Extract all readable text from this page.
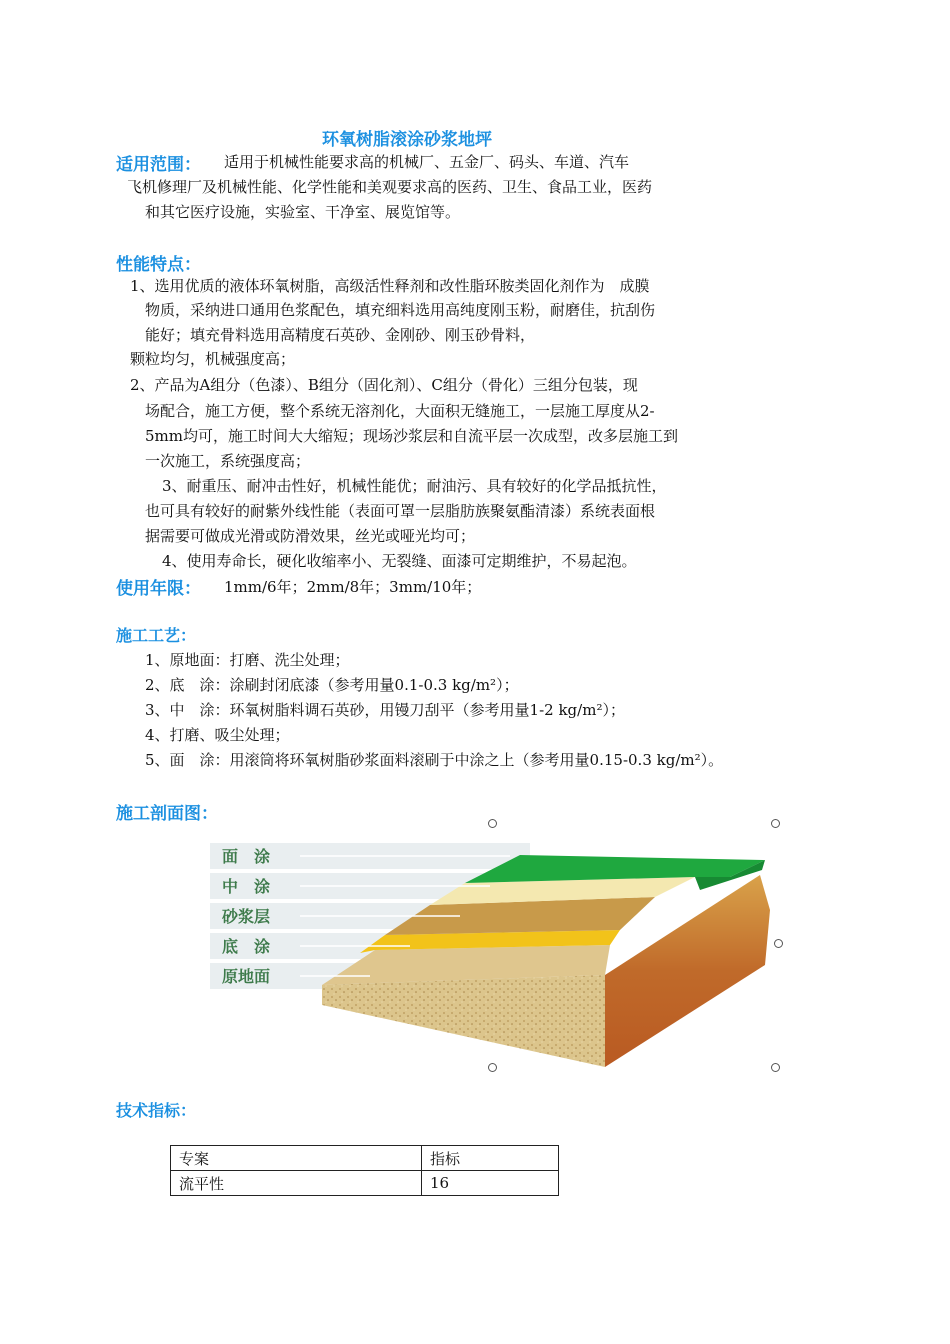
环氧树脂滚涂砂浆地坪
适用范围： 适用于机械性能要求高的机械厂、五金厂、码头、车道、汽车
飞机修理厂及机械性能、化学性能和美观要求高的医药、卫生、食品工业，医药
和其它医疗设施，实验室、干净室、展览馆等。
性能特点：
1、选用优质的液体环氧树脂，高级活性释剂和改性脂环胺类固化剂作为　成膜
物质，采纳进口通用色浆配色，填充细料选用高纯度刚玉粉，耐磨佳，抗刮伤
能好；填充骨料选用高精度石英砂、金刚砂、刚玉砂骨料，
颗粒均匀，机械强度高；
2、产品为A组分（色漆）、B组分（固化剂）、C组分（骨化）三组分包装，现
场配合，施工方便，整个系统无溶剂化，大面积无缝施工，一层施工厚度从2-
5mm均可，施工时间大大缩短；现场沙浆层和自流平层一次成型，改多层施工到
一次施工，系统强度高；
3、耐重压、耐冲击性好，机械性能优；耐油污、具有较好的化学品抵抗性，
也可具有较好的耐紫外线性能（表面可罩一层脂肪族聚氨酯清漆）系统表面根
据需要可做成光滑或防滑效果，丝光或哑光均可；
4、使用寿命长，硬化收缩率小、无裂缝、面漆可定期维护，不易起泡。
使用年限： 1mm/6年；2mm/8年；3mm/10年；
施工工艺：
1、原地面：打磨、洗尘处理；
2、底　涂：涂刷封闭底漆（参考用量0.1-0.3 kg/m²）；
3、中　涂：环氧树脂料调石英砂，用镘刀刮平（参考用量1-2 kg/m²）；
4、打磨、吸尘处理；
5、面　涂：用滚筒将环氧树脂砂浆面料滚刷于中涂之上（参考用量0.15-0.3 kg/m²）。
施工剖面图：
面　涂
中　涂
砂浆层
底　涂
原地面
技术指标：
专案	指标
流平性	16
